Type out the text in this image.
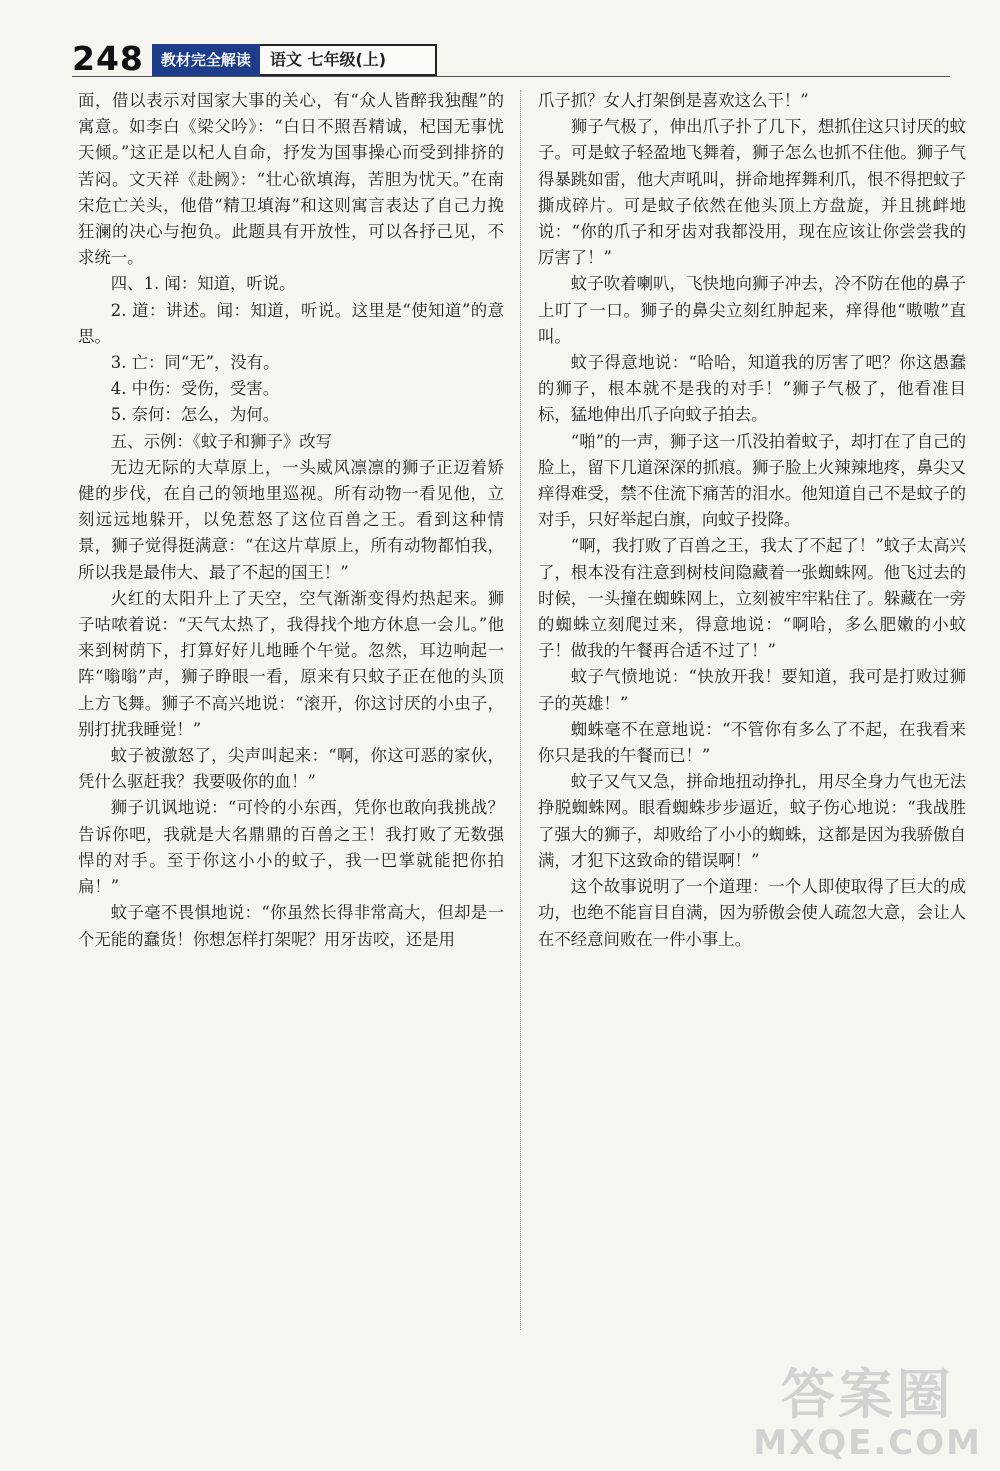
248	教材完全解读	语文 七年级(上)

面，借以表示对国家大事的关心，有“众人皆醉我独醒”的寓意。如李白《梁父吟》：“白日不照吾精诚，杞国无事忧天倾。”这正是以杞人自命，抒发为国事操心而受到排挤的苦闷。文天祥《赴阙》：“壮心欲填海，苦胆为忧天。”在南宋危亡关头，他借“精卫填海”和这则寓言表达了自己力挽狂澜的决心与抱负。此题具有开放性，可以各抒己见，不求统一。

四、1. 闻：知道，听说。

2. 道：讲述。闻：知道，听说。这里是“使知道”的意思。

3. 亡：同“无”，没有。

4. 中伤：受伤，受害。

5. 奈何：怎么，为何。

五、示例：《蚊子和狮子》改写

无边无际的大草原上，一头威风凛凛的狮子正迈着矫健的步伐，在自己的领地里巡视。所有动物一看见他，立刻远远地躲开，以免惹怒了这位百兽之王。看到这种情景，狮子觉得挺满意：“在这片草原上，所有动物都怕我，所以我是最伟大、最了不起的国王！”

火红的太阳升上了天空，空气渐渐变得灼热起来。狮子咕哝着说：“天气太热了，我得找个地方休息一会儿。”他来到树荫下，打算好好儿地睡个午觉。忽然，耳边响起一阵“嗡嗡”声，狮子睁眼一看，原来有只蚊子正在他的头顶上方飞舞。狮子不高兴地说：“滚开，你这讨厌的小虫子，别打扰我睡觉！”

蚊子被激怒了，尖声叫起来：“啊，你这可恶的家伙，凭什么驱赶我？我要吸你的血！”

狮子讥讽地说：“可怜的小东西，凭你也敢向我挑战？告诉你吧，我就是大名鼎鼎的百兽之王！我打败了无数强悍的对手。至于你这小小的蚊子，我一巴掌就能把你拍扁！”

蚊子毫不畏惧地说：“你虽然长得非常高大，但却是一个无能的蠢货！你想怎样打架呢？用牙齿咬，还是用

爪子抓？女人打架倒是喜欢这么干！”

狮子气极了，伸出爪子扑了几下，想抓住这只讨厌的蚊子。可是蚊子轻盈地飞舞着，狮子怎么也抓不住他。狮子气得暴跳如雷，他大声吼叫，拼命地挥舞利爪，恨不得把蚊子撕成碎片。可是蚊子依然在他头顶上方盘旋，并且挑衅地说：“你的爪子和牙齿对我都没用，现在应该让你尝尝我的厉害了！”

蚊子吹着喇叭，飞快地向狮子冲去，冷不防在他的鼻子上叮了一口。狮子的鼻尖立刻红肿起来，痒得他“嗷嗷”直叫。

蚊子得意地说：“哈哈，知道我的厉害了吧？你这愚蠢的狮子，根本就不是我的对手！”狮子气极了，他看准目标，猛地伸出爪子向蚊子拍去。

“啪”的一声，狮子这一爪没拍着蚊子，却打在了自己的脸上，留下几道深深的抓痕。狮子脸上火辣辣地疼，鼻尖又痒得难受，禁不住流下痛苦的泪水。他知道自己不是蚊子的对手，只好举起白旗，向蚊子投降。

“啊，我打败了百兽之王，我太了不起了！”蚊子太高兴了，根本没有注意到树枝间隐藏着一张蜘蛛网。他飞过去的时候，一头撞在蜘蛛网上，立刻被牢牢粘住了。躲藏在一旁的蜘蛛立刻爬过来，得意地说：“啊哈，多么肥嫩的小蚊子！做我的午餐再合适不过了！”

蚊子气愤地说：“快放开我！要知道，我可是打败过狮子的英雄！”

蜘蛛毫不在意地说：“不管你有多么了不起，在我看来你只是我的午餐而已！”

蚊子又气又急，拼命地扭动挣扎，用尽全身力气也无法挣脱蜘蛛网。眼看蜘蛛步步逼近，蚊子伤心地说：“我战胜了强大的狮子，却败给了小小的蜘蛛，这都是因为我骄傲自满，才犯下这致命的错误啊！”

这个故事说明了一个道理：一个人即使取得了巨大的成功，也绝不能盲目自满，因为骄傲会使人疏忽大意，会让人在不经意间败在一件小事上。

答案圈
MXQE.COM
